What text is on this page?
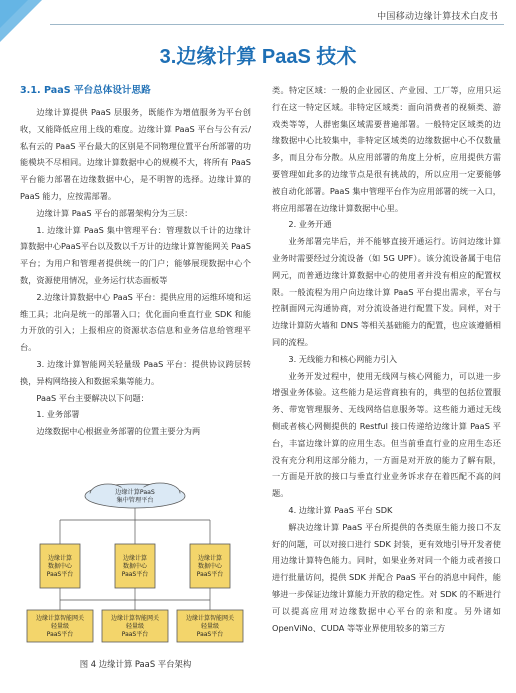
中国移动边缘计算技术白皮书
3.边缘计算 PaaS 技术
3.1. PaaS 平台总体设计思路

边缘计算提供 PaaS 层服务，既能作为增值服务为平台创收，又能降低应用上线的难度。边缘计算 PaaS 平台与公有云/私有云的 PaaS 平台最大的区别是不同物理位置平台所部署的功能模块不尽相同。边缘计算数据中心的规模不大，将所有 PaaS 平台能力部署在边缘数据中心，是不明智的选择。边缘计算的 PaaS 能力，应按需部署。

边缘计算 PaaS 平台的部署架构分为三层：

1. 边缘计算 PaaS 集中管理平台：管理数以千计的边缘计算数据中心PaaS平台以及数以千万计的边缘计算智能网关 PaaS 平台；为用户和管理者提供统一的门户；能够展现数据中心个数，资源使用情况，业务运行状态面板等

2.边缘计算数据中心 PaaS 平台：提供应用的运维环境和运维工具；北向是统一的部署入口；优化面向垂直行业 SDK 和能力开放的引入；上报相应的资源状态信息和业务信息给管理平台。

3. 边缘计算智能网关轻量级 PaaS 平台：提供协议跨层转换，异构网络接入和数据采集等能力。

PaaS 平台主要解决以下问题：

1. 业务部署

边缘数据中心根据业务部署的位置主要分为两

边缘计算PaaS
集中管理平台
边缘计算
数据中心
PaaS平台
边缘计算
数据中心
PaaS平台
边缘计算
数据中心
PaaS平台
边缘计算智能网关
轻量级
PaaS平台
边缘计算智能网关
轻量级
PaaS平台
边缘计算智能网关
轻量级
PaaS平台
图 4 边缘计算 PaaS 平台架构

类。特定区域：一般的企业园区、产业园、工厂等，应用只运行在这一特定区域。非特定区域类：面向消费者的视频类、游戏类等等，人群密集区域需要普遍部署。一般特定区域类的边缘数据中心比较集中，非特定区域类的边缘数据中心不仅数量多，而且分布分散。从应用部署的角度上分析，应用提供方需要管理如此多的边缘节点是很有挑战的，所以应用一定要能够被自动化部署。PaaS 集中管理平台作为应用部署的统一入口，将应用部署在边缘计算数据中心里。

2. 业务开通

业务部署完毕后，并不能够直接开通运行。访问边缘计算业务时需要经过分流设备（如 5G UPF）。该分流设备属于电信网元，而普通边缘计算数据中心的使用者并没有相应的配置权限。一般流程为用户向边缘计算 PaaS 平台提出需求，平台与控制面网元沟通协商，对分流设备进行配置下发。同样，对于边缘计算防火墙和 DNS 等相关基础能力的配置，也应该遵循相同的流程。

3. 无线能力和核心网能力引入

业务开发过程中，使用无线网与核心网能力，可以进一步增强业务体验。这些能力是运营商独有的，典型的包括位置服务、带宽管理服务、无线网络信息服务等。这些能力通过无线侧或者核心网侧提供的 Restful 接口传递给边缘计算 PaaS 平台，丰富边缘计算的应用生态。但当前垂直行业的应用生态还没有充分利用这部分能力，一方面是对开放的能力了解有限，一方面是开放的接口与垂直行业业务诉求存在着匹配不高的问题。

4. 边缘计算 PaaS 平台 SDK

解决边缘计算 PaaS 平台所提供的各类原生能力接口不友好的问题，可以对接口进行 SDK 封装，更有效地引导开发者使用边缘计算特色能力。同时，如果业务对同一个能力或者接口进行批量访问，提供 SDK 并配合 PaaS 平台的消息中间件，能够进一步保证边缘计算能力开放的稳定性。对 SDK 的不断进行可以提高应用对边缘数据中心平台的亲和度。另外诸如 OpenViNo、CUDA 等等业界使用较多的第三方
